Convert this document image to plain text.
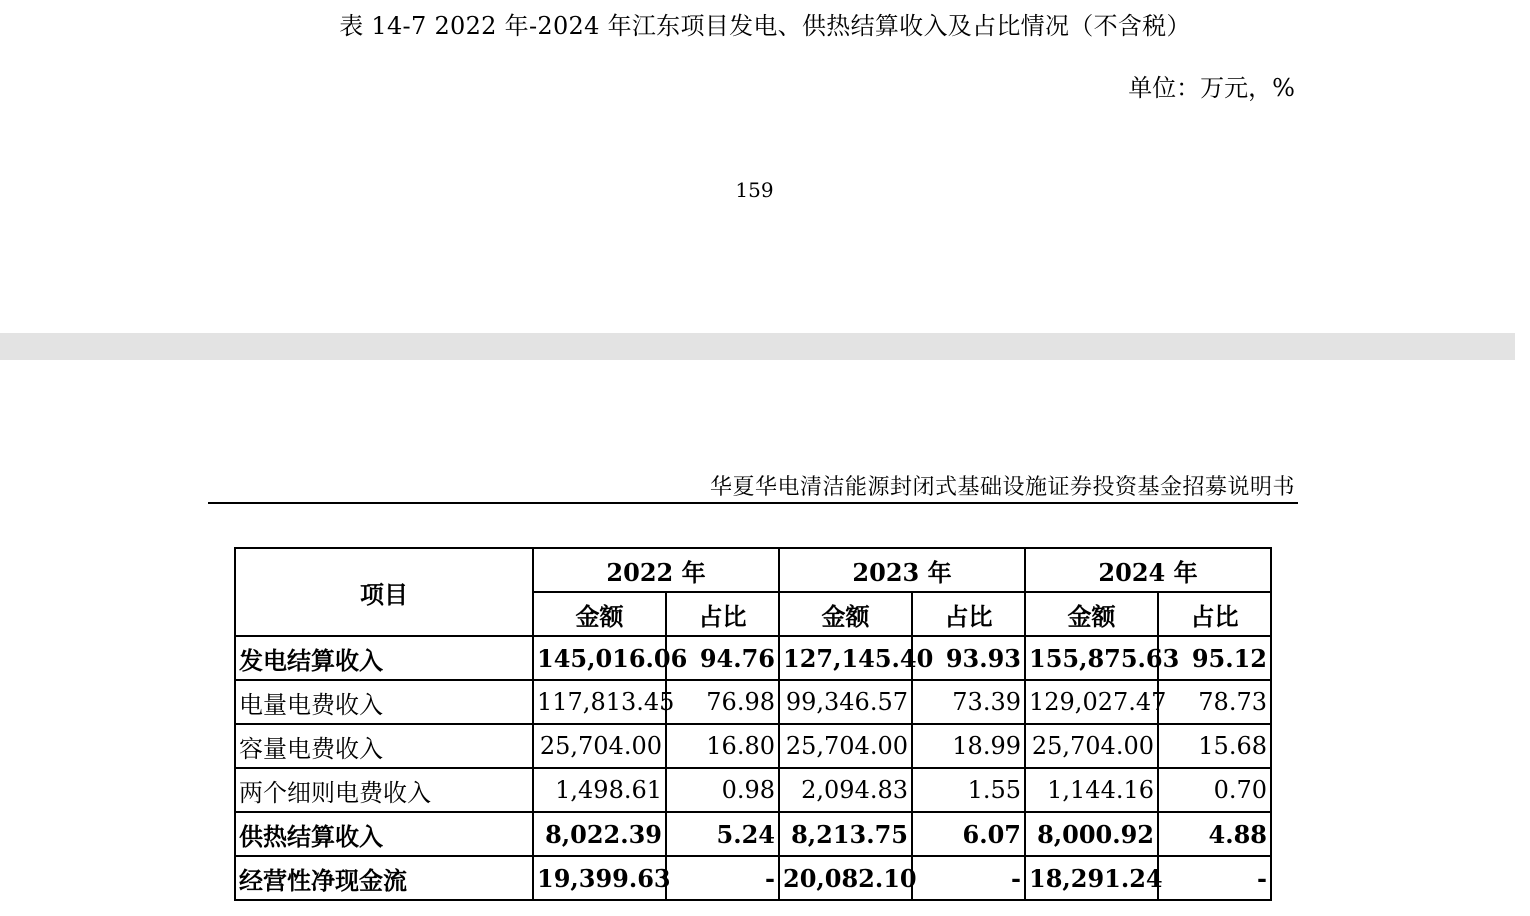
表 14-7 2022 年-2024 年江东项目发电、供热结算收入及占比情况（不含税）
单位：万元，%
159
华夏华电清洁能源封闭式基础设施证券投资基金招募说明书
项目	2022 年		2023 年		2024 年	
	金额	占比	金额	占比	金额	占比
发电结算收入	145,016.06	94.76	127,145.40	93.93	155,875.63	95.12
电量电费收入	117,813.45	76.98	99,346.57	73.39	129,027.47	78.73
容量电费收入	25,704.00	16.80	25,704.00	18.99	25,704.00	15.68
两个细则电费收入	1,498.61	0.98	2,094.83	1.55	1,144.16	0.70
供热结算收入	8,022.39	5.24	8,213.75	6.07	8,000.92	4.88
经营性净现金流	19,399.63	-	20,082.10	-	18,291.24	-
